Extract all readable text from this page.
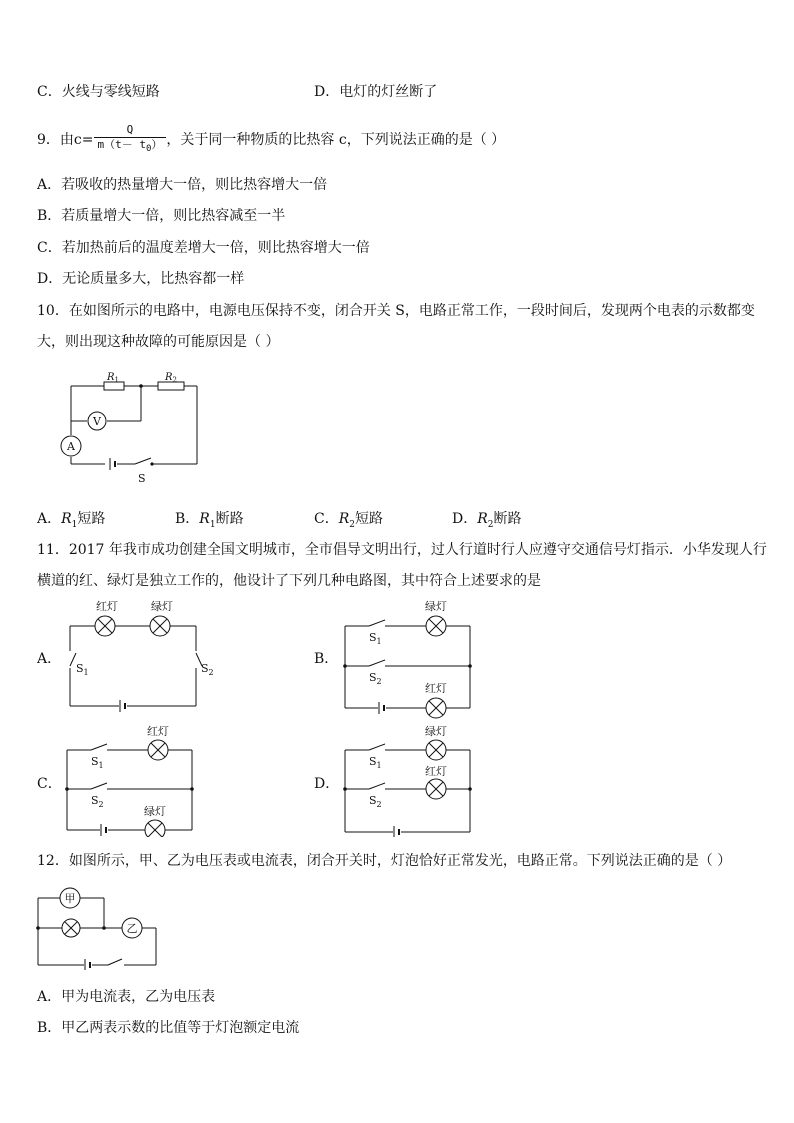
C．火线与零线短路	D．电灯的灯丝断了
9．由$c= \frac{Q}{m(t- t_0)}$ ，关于同一种物质的比热容 c，下列说法正确的是（ ）
A．若吸收的热量增大一倍，则比热容增大一倍
B．若质量增大一倍，则比热容减至一半
C．若加热前后的温度差增大一倍，则比热容增大一倍
D．无论质量多大，比热容都一样
10．在如图所示的电路中，电源电压保持不变，闭合开关 S，电路正常工作，一段时间后，发现两个电表的示数都变
大，则出现这种故障的可能原因是（ ）
$R_1$	$R_2$
V
A
S
A．$R_1$短路	B．$R_1$断路	C．$R_2$短路	D．$R_2$断路
11．2017 年我市成功创建全国文明城市，全市倡导文明出行，过人行道时行人应遵守交通信号灯指示．小华发现人行
横道的红、绿灯是独立工作的，他设计了下列几种电路图，其中符合上述要求的是
A．
红灯	绿灯
$S_1$	$S_2$
B．
绿灯
红灯
$S_1$
$S_2$
C．
红灯
绿灯
$S_1$
$S_2$
D．
绿灯
红灯
$S_1$
$S_2$
12．如图所示，甲、乙为电压表或电流表，闭合开关时，灯泡恰好正常发光，电路正常。下列说法正确的是（ ）
甲
乙
A．甲为电流表，乙为电压表
B．甲乙两表示数的比值等于灯泡额定电流
